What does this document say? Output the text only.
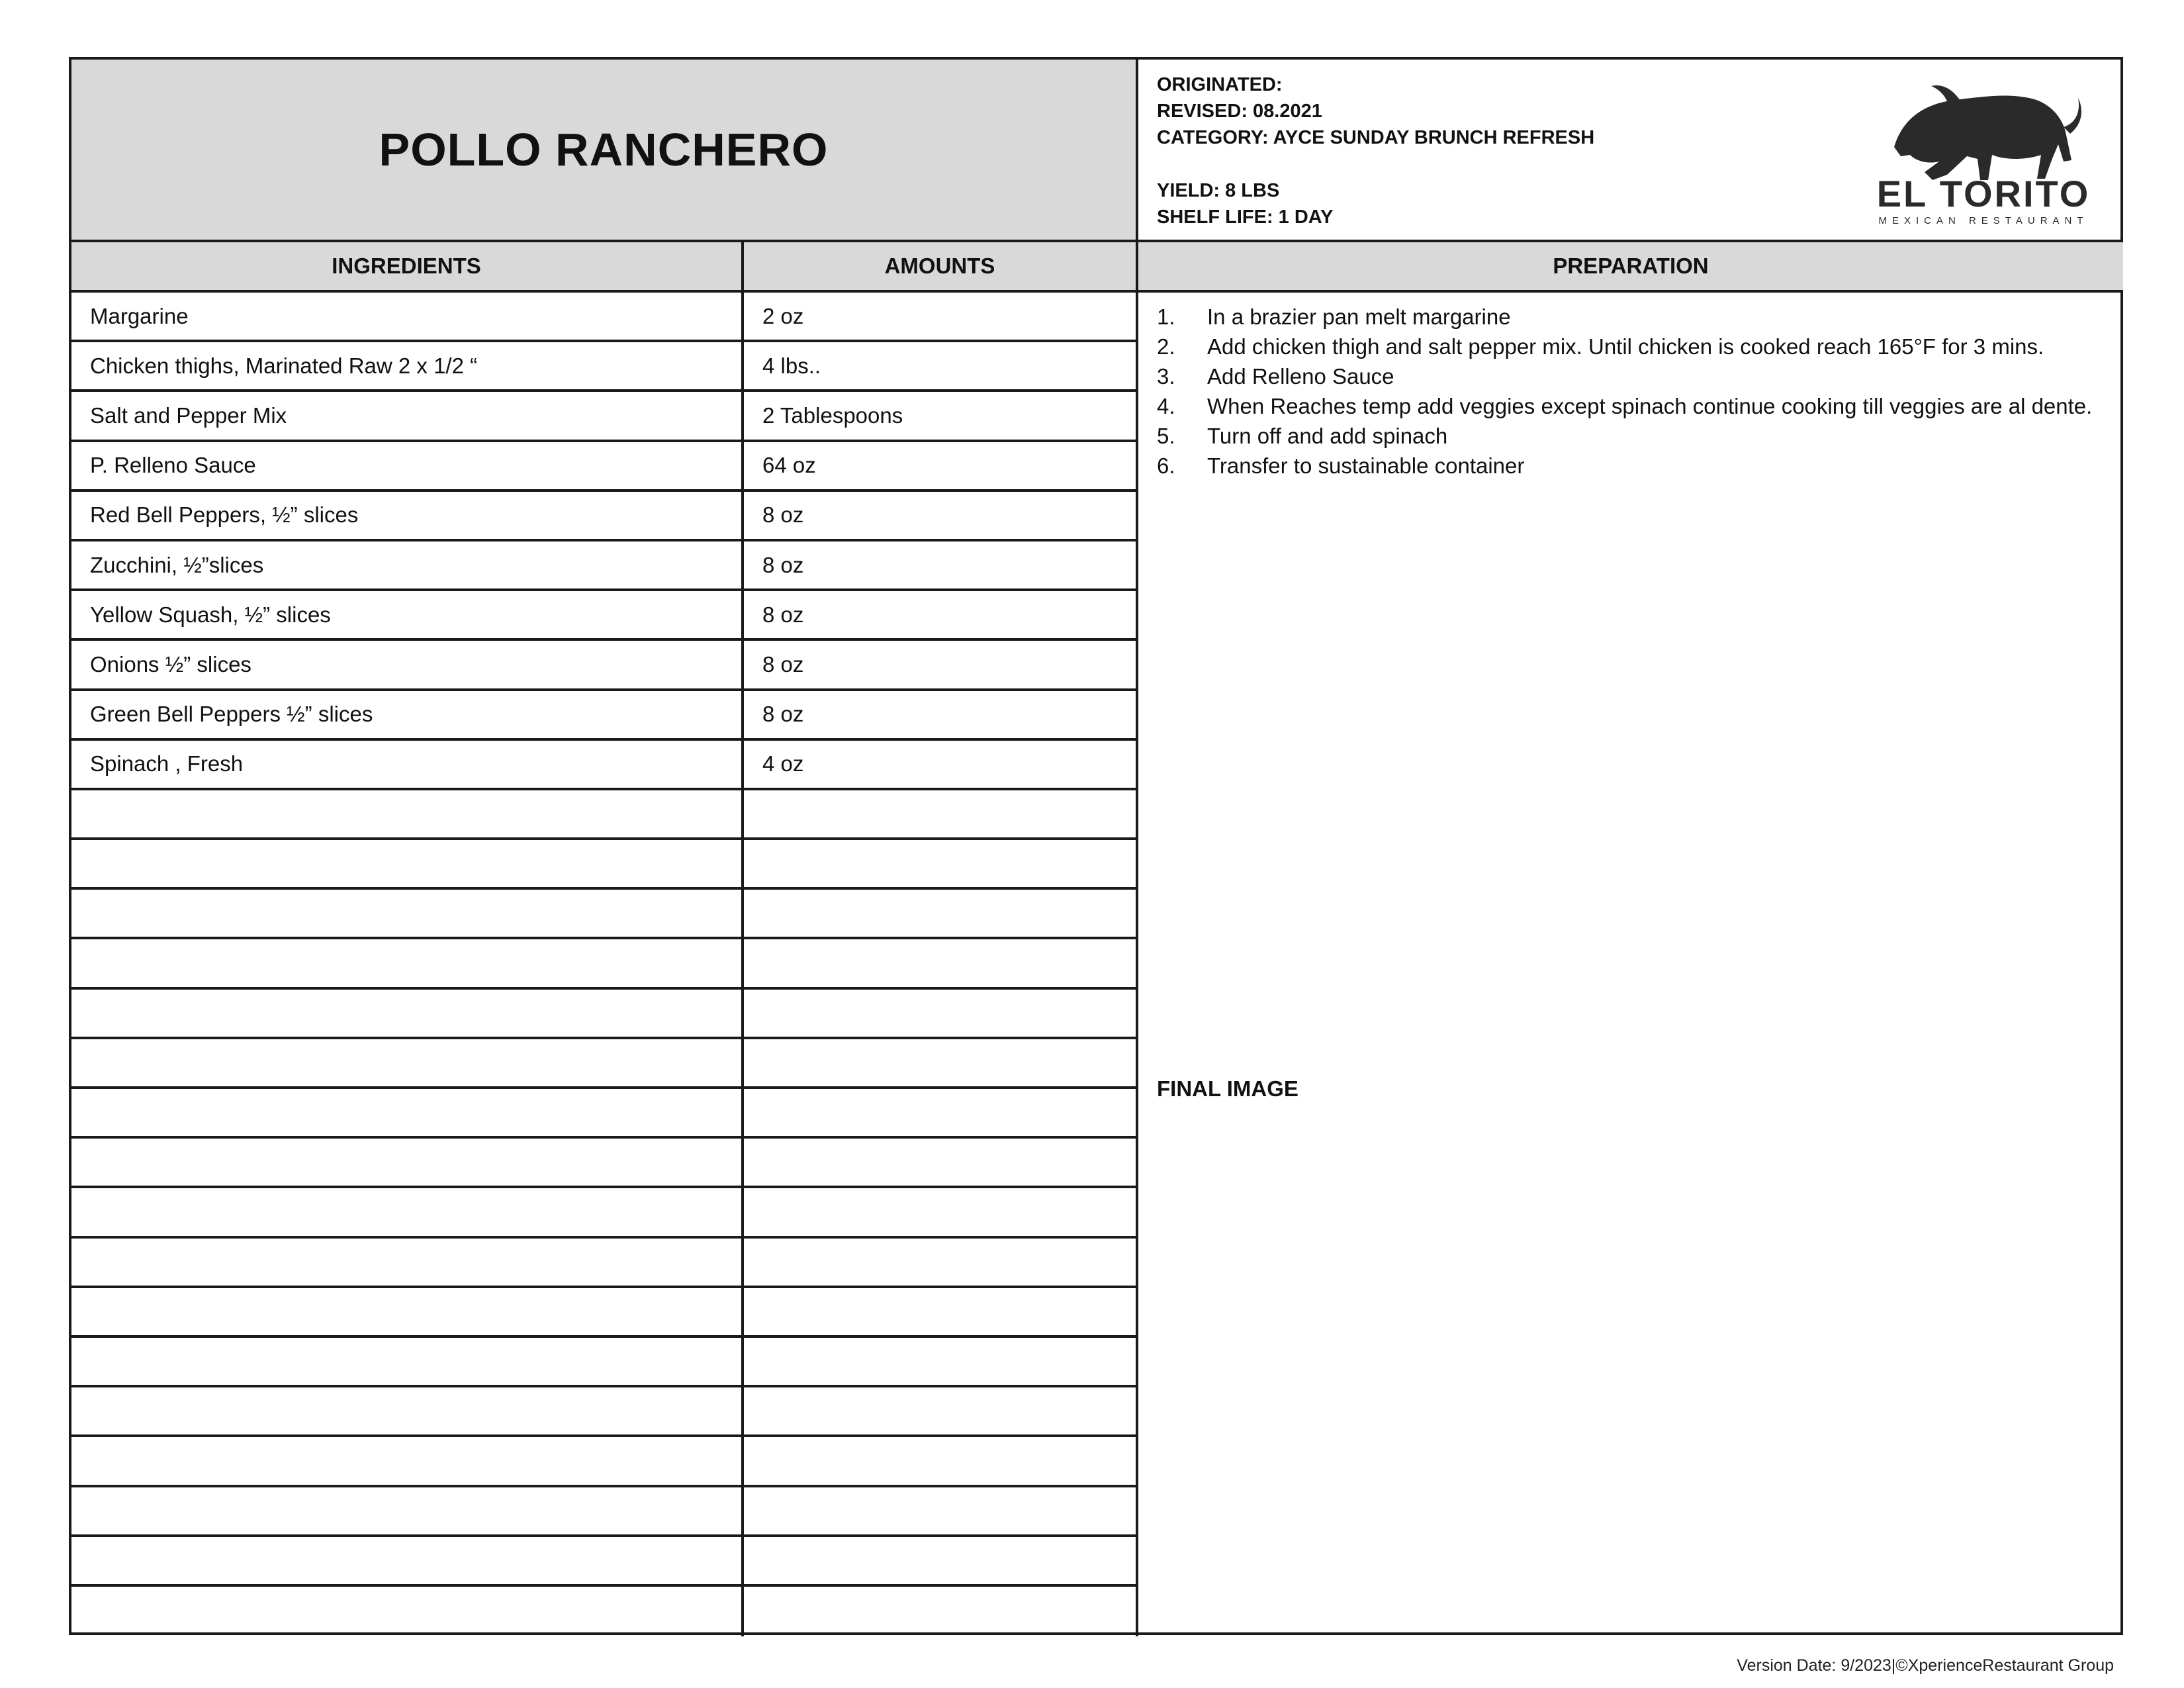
POLLO RANCHERO
ORIGINATED:
REVISED: 08.2021
CATEGORY: AYCE SUNDAY BRUNCH REFRESH
YIELD: 8 LBS
SHELF LIFE: 1 DAY
EL TORITO
MEXICAN RESTAURANT
INGREDIENTS	AMOUNTS	PREPARATION
Margarine	2 oz
Chicken thighs, Marinated Raw 2 x 1/2 “	4 lbs..
Salt and Pepper Mix	2 Tablespoons
P. Relleno Sauce	64 oz
Red Bell Peppers, ½” slices	8 oz
Zucchini, ½”slices	8 oz
Yellow Squash, ½” slices	8 oz
Onions ½” slices	8 oz
Green Bell Peppers ½” slices	8 oz
Spinach , Fresh	4 oz
1.	In a brazier pan melt margarine
2.	Add chicken thigh and salt pepper mix. Until chicken is cooked reach 165°F for 3 mins.
3.	Add Relleno Sauce
4.	When Reaches temp add veggies except spinach continue cooking till veggies are al dente.
5.	Turn off and add spinach
6.	Transfer to sustainable container
FINAL IMAGE
Version Date: 9/2023|©XperienceRestaurant Group
